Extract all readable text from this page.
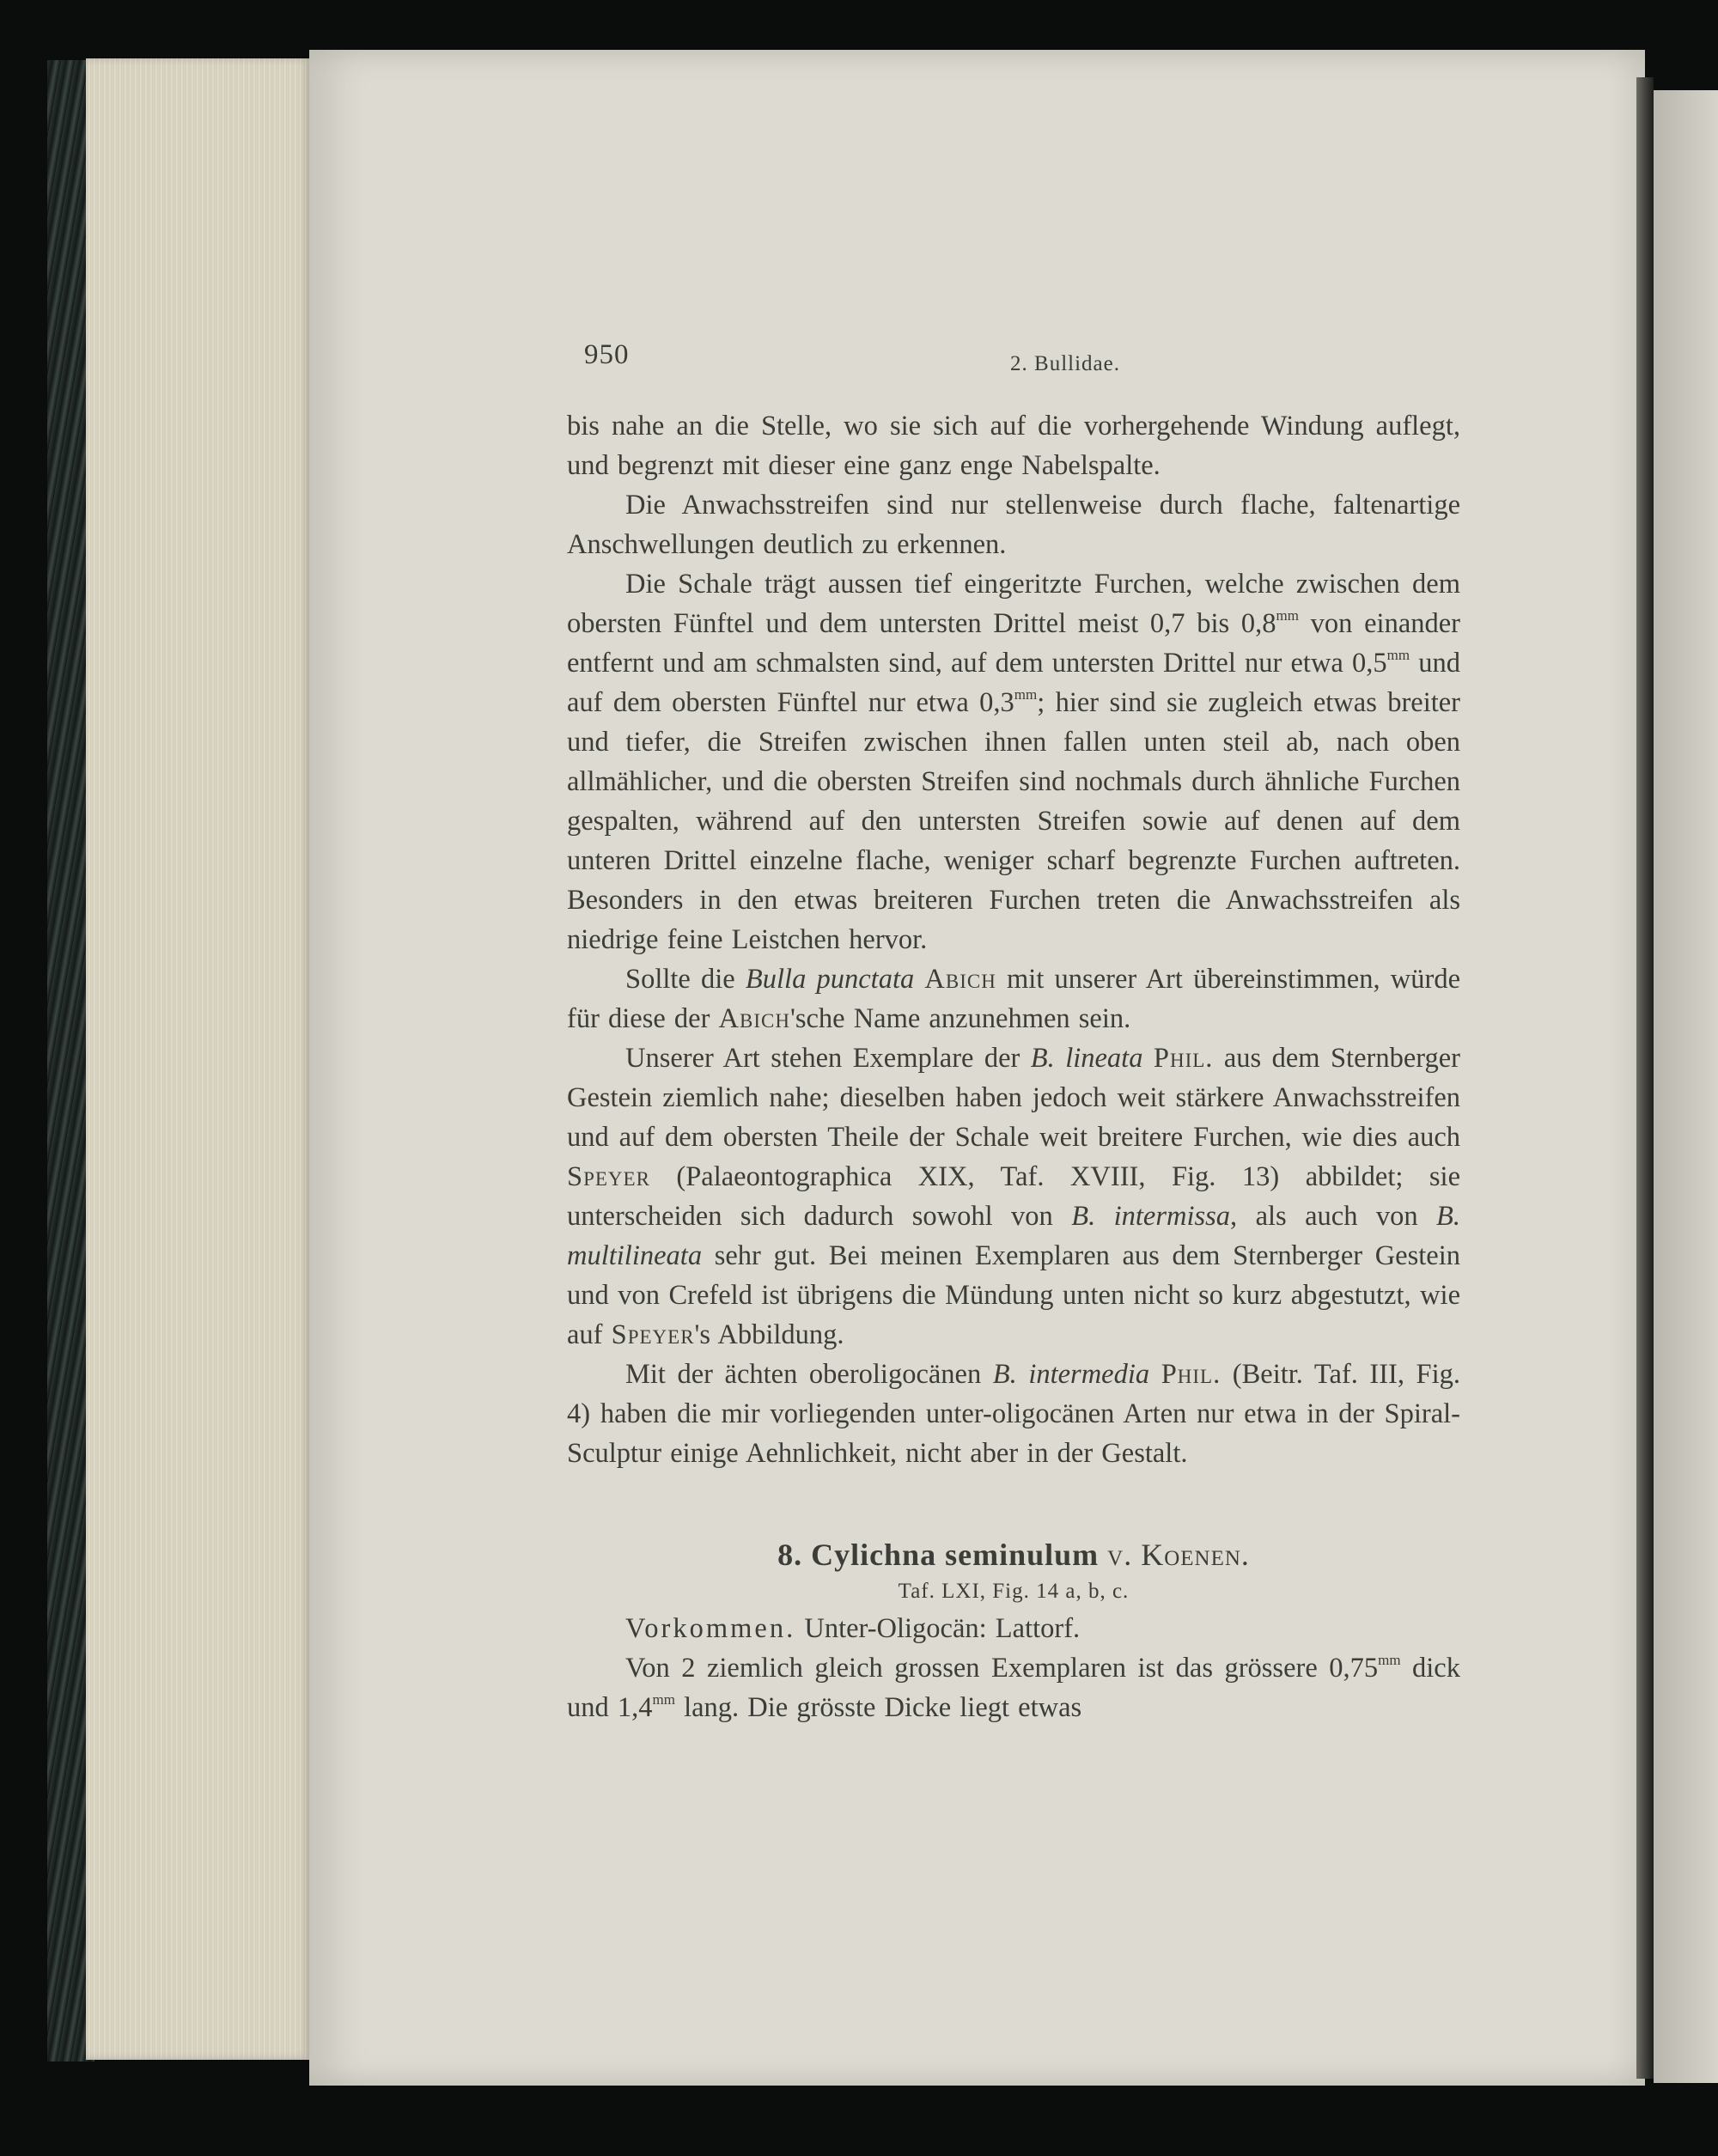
950	2. Bullidae.

bis nahe an die Stelle, wo sie sich auf die vorhergehende Windung auflegt, und begrenzt mit dieser eine ganz enge Nabelspalte.

Die Anwachsstreifen sind nur stellenweise durch flache, faltenartige Anschwellungen deutlich zu erkennen.

Die Schale trägt aussen tief eingeritzte Furchen, welche zwischen dem obersten Fünftel und dem untersten Drittel meist 0,7 bis $0,8^{mm}$ von einander entfernt und am schmalsten sind, auf dem untersten Drittel nur etwa $0,5^{mm}$ und auf dem obersten Fünftel nur etwa $0,3^{mm}$; hier sind sie zugleich etwas breiter und tiefer, die Streifen zwischen ihnen fallen unten steil ab, nach oben allmählicher, und die obersten Streifen sind nochmals durch ähnliche Furchen gespalten, während auf den untersten Streifen sowie auf denen auf dem unteren Drittel einzelne flache, weniger scharf begrenzte Furchen auftreten. Besonders in den etwas breiteren Furchen treten die Anwachsstreifen als niedrige feine Leistchen hervor.

Sollte die Bulla punctata Abich mit unserer Art übereinstimmen, würde für diese der Abich'sche Name anzunehmen sein.

Unserer Art stehen Exemplare der B. lineata Phil. aus dem Sternberger Gestein ziemlich nahe; dieselben haben jedoch weit stärkere Anwachsstreifen und auf dem obersten Theile der Schale weit breitere Furchen, wie dies auch Speyer (Palaeontographica XIX, Taf. XVIII, Fig. 13) abbildet; sie unterscheiden sich dadurch sowohl von B. intermissa, als auch von B. multilineata sehr gut. Bei meinen Exemplaren aus dem Sternberger Gestein und von Crefeld ist übrigens die Mündung unten nicht so kurz abgestutzt, wie auf Speyer's Abbildung.

Mit der ächten oberoligocänen B. intermedia Phil. (Beitr. Taf. III, Fig. 4) haben die mir vorliegenden unter-oligocänen Arten nur etwa in der Spiral-Sculptur einige Aehnlichkeit, nicht aber in der Gestalt.

8. Cylichna seminulum v. Koenen.
Taf. LXI, Fig. 14 a, b, c.

Vorkommen. Unter-Oligocän: Lattorf.

Von 2 ziemlich gleich grossen Exemplaren ist das grössere $0,75^{mm}$ dick und $1,4^{mm}$ lang. Die grösste Dicke liegt etwas
